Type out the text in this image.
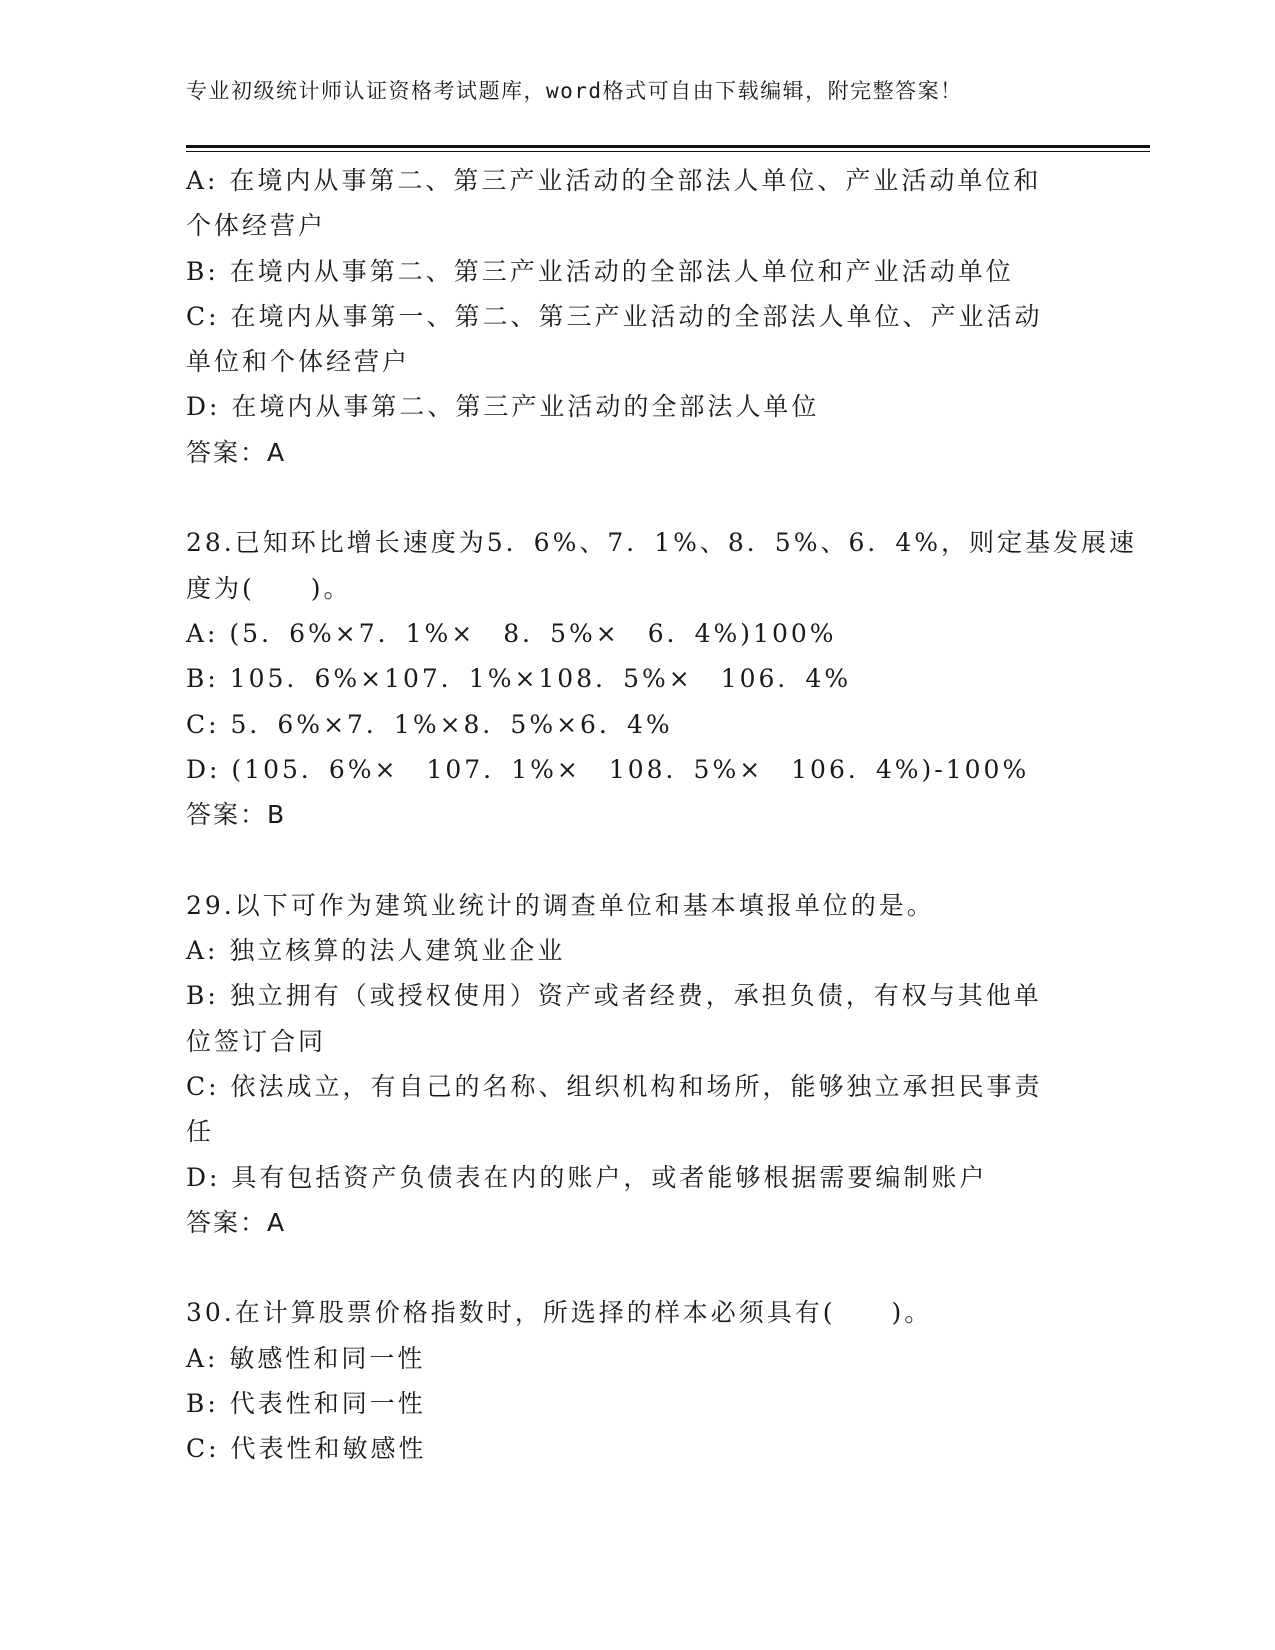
专业初级统计师认证资格考试题库，word格式可自由下载编辑，附完整答案！
A: 在境内从事第二、第三产业活动的全部法人单位、产业活动单位和
个体经营户
B: 在境内从事第二、第三产业活动的全部法人单位和产业活动单位
C: 在境内从事第一、第二、第三产业活动的全部法人单位、产业活动
单位和个体经营户
D: 在境内从事第二、第三产业活动的全部法人单位
答案：A
28.已知环比增长速度为5．6%、7．1%、8．5%、6．4%，则定基发展速
度为(　　)。
A: (5．6%×7．1%×　8．5%×　6．4%)100%
B: 105．6%×107．1%×108．5%×　106．4%
C: 5．6%×7．1%×8．5%×6．4%
D: (105．6%×　107．1%×　108．5%×　106．4%)-100%
答案：B
29.以下可作为建筑业统计的调查单位和基本填报单位的是。
A: 独立核算的法人建筑业企业
B: 独立拥有（或授权使用）资产或者经费，承担负债，有权与其他单
位签订合同
C: 依法成立，有自己的名称、组织机构和场所，能够独立承担民事责
任
D: 具有包括资产负债表在内的账户，或者能够根据需要编制账户
答案：A
30.在计算股票价格指数时，所选择的样本必须具有(　　)。
A: 敏感性和同一性
B: 代表性和同一性
C: 代表性和敏感性
